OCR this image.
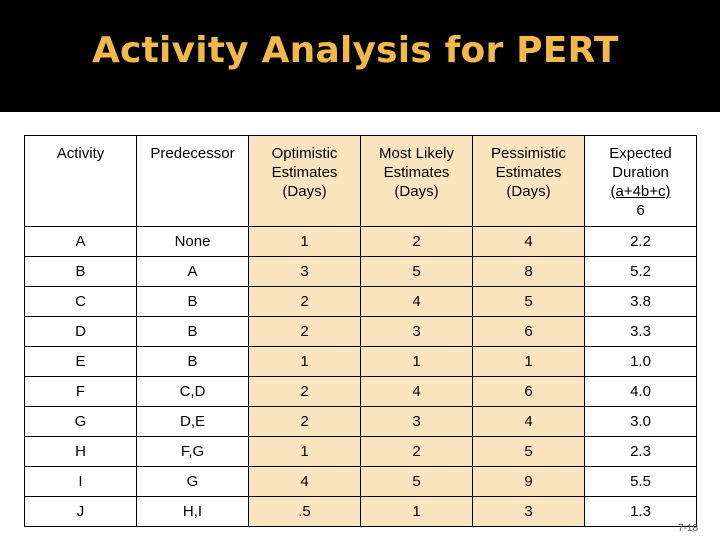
Activity Analysis for PERT
Activity	Predecessor	Optimistic
Estimates
(Days)	Most Likely
Estimates
(Days)	Pessimistic
Estimates
(Days)	Expected
Duration
(a+4b+c)
6

A	None	1	2	4	2.2
B	A	3	5	8	5.2
C	B	2	4	5	3.8
D	B	2	3	6	3.3
E	B	1	1	1	1.0
F	C,D	2	4	6	4.0
G	D,E	2	3	4	3.0
H	F,G	1	2	5	2.3
I	G	4	5	9	5.5
J	H,I	.5	1	3	1.3
7-18
